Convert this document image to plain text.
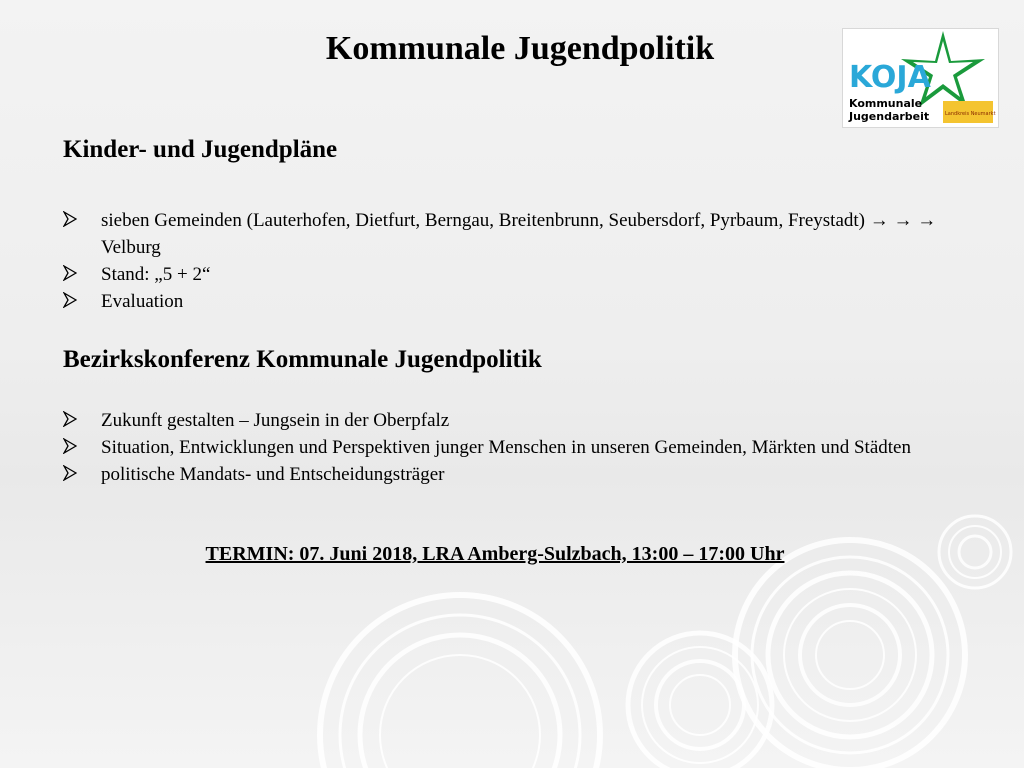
Kommunale Jugendpolitik
KOJA
Kommunale
Jugendarbeit	Landkreis Neumarkt
Kinder- und Jugendpläne
sieben Gemeinden (Lauterhofen, Dietfurt, Berngau, Breitenbrunn, Seubersdorf, Pyrbaum, Freystadt) → → → Velburg
Stand: „5 + 2“
Evaluation
Bezirkskonferenz Kommunale Jugendpolitik
Zukunft gestalten – Jungsein in der Oberpfalz
Situation, Entwicklungen und Perspektiven junger Menschen in unseren Gemeinden, Märkten und Städten
politische Mandats- und Entscheidungsträger

TERMIN: 07. Juni 2018, LRA Amberg-Sulzbach, 13:00 – 17:00 Uhr
